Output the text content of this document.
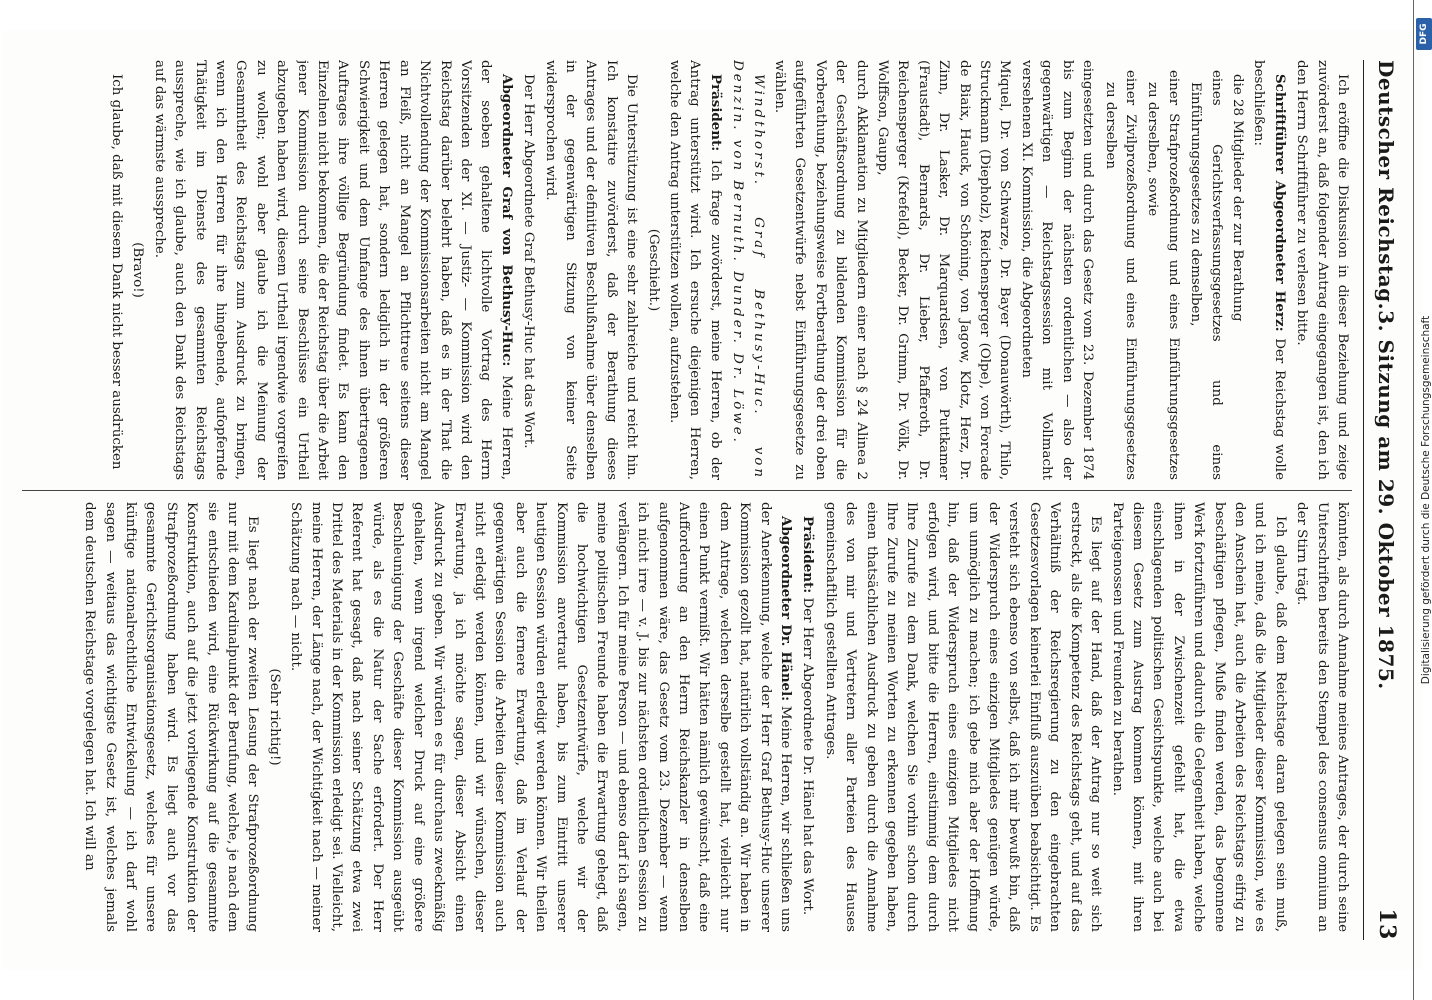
Deutscher Reichstag.
3. Sitzung am 29. Oktober 1875.
13

Ich eröffne die Diskussion in dieser Beziehung und zeige zuvörderst an, daß folgender Antrag eingegangen ist, den ich den Herrn Schriftführer zu verlesen bitte.

Schriftführer Abgeordneter Herz: Der Reichstag wolle beschließen:

die 28 Mitglieder der zur Berathung

eines Gerichtsverfassungsgesetzes und eines Einführungsgesetzes zu demselben,

einer Strafprozeßordnung und eines Einführungsgesetzes zu derselben, sowie

einer Zivilprozeßordnung und eines Einführungsgesetzes zu derselben

eingesetzten und durch das Gesetz vom 23. Dezember 1874 bis zum Beginn der nächsten ordentlichen — also der gegenwärtigen — Reichstagssession mit Vollmacht versehenen XI. Kommission, die Abgeordneten

Miquel, Dr. von Schwarze, Dr. Bayer (Donauwörth), Thilo, Struckmann (Diepholz), Reichensperger (Olpe), von Forcade de Biaix, Hauck, von Schöning, von Jagow, Klotz, Herz, Dr. Zinn, Dr. Lasker, Dr. Marquardsen, von Puttkamer (Fraustadt), Bernards, Dr. Lieber, Pfafferoth, Dr. Reichensperger (Krefeld), Becker, Dr. Grimm, Dr. Völk, Dr. Wolffson, Gaupp,

durch Akklamation zu Mitgliedern einer nach § 24 Alinea 2 der Geschäftsordnung zu bildenden Kommission für die Vorberathung, beziehungsweise Fortberathung der drei oben aufgeführten Gesetzentwürfe nebst Einführungsgesetze zu wählen.

Windthorst. Graf Bethusy-Huc. von Denzin. von Bernuth. Dunder. Dr. Löwe.

Präsident: Ich frage zuvörderst, meine Herren, ob der Antrag unterstützt wird. Ich ersuche diejenigen Herren, welche den Antrag unterstützen wollen, aufzustehen.

(Geschieht.)

Die Unterstützung ist eine sehr zahlreiche und reicht hin. Ich konstatire zuvörderst, daß der Berathung dieses Antrages und der definitiven Beschlußnahme über denselben in der gegenwärtigen Sitzung von keiner Seite widersprochen wird.

Der Herr Abgeordnete Graf Bethusy-Huc hat das Wort.

Abgeordneter Graf von Bethusy-Huc: Meine Herren, der soeben gehaltene lichtvolle Vortrag des Herrn Vorsitzenden der XI. — Justiz- — Kommission wird den Reichstag darüber belehrt haben, daß es in der That die Nichtvollendung der Kommissionsarbeiten nicht am Mangel an Fleiß, nicht an Mangel an Pflichttreue seitens dieser Herren gelegen hat, sondern lediglich in der größeren Schwierigkeit und dem Umfange des ihnen übertragenen Auftrages ihre völlige Begründung findet. Es kann den Einzelnen nicht bekommen, die der Reichstag über die Arbeit jener Kommission durch seine Beschlüsse ein Urtheil abzugeben haben wird, diesem Urtheil irgendwie vorgreifen zu wollen; wohl aber glaube ich die Meinung der Gesammtheit des Reichstags zum Ausdruck zu bringen, wenn ich den Herren für ihre hingebende, aufopfernde Thätigkeit im Dienste des gesammten Reichstags ausspreche, wie ich glaube, auch den Dank des Reichstags auf das wärmste ausspreche.

(Bravo!)

Ich glaube, daß mit diesem Dank nicht besser ausdrücken

könnten, als durch Annahme meines Antrages, der durch seine Unterschriften bereits den Stempel des consensus omnium an der Stirn trägt.

Ich glaube, daß dem Reichstage daran gelegen sein muß, und ich meine, daß die Mitglieder dieser Kommission, wie es den Anschein hat, auch die Arbeiten des Reichstags eifrig zu beschäftigen pflegen, Muße finden werden, das begonnene Werk fortzuführen und dadurch die Gelegenheit haben, welche ihnen in der Zwischenzeit gefehlt hat, die etwa einschlagenden politischen Gesichtspunkte, welche auch bei diesem Gesetz zum Austrag kommen können, mit ihren Parteigenossen und Freunden zu berathen.

Es liegt auf der Hand, daß der Antrag nur so weit sich erstreckt, als die Kompetenz des Reichstags geht, und auf das Verhältniß der Reichsregierung zu den eingebrachten Gesetzesvorlagen keinerlei Einfluß auszuüben beabsichtigt. Es versteht sich ebenso von selbst, daß ich mir bewußt bin, daß der Widerspruch eines einzigen Mitgliedes genügen würde, um unmöglich zu machen; ich gebe mich aber der Hoffnung hin, daß der Widerspruch eines einzigen Mitgliedes nicht erfolgen wird, und bitte die Herren, einstimmig dem durch Ihre Zurufe zu dem Dank, welchen Sie vorhin schon durch Ihre Zurufe zu meinen Worten zu erkennen gegeben haben, einen thatsächlichen Ausdruck zu geben durch die Annahme des von mir und Vertretern aller Parteien des Hauses gemeinschaftlich gestellten Antrages.

Präsident: Der Herr Abgeordnete Dr. Hänel hat das Wort.

Abgeordneter Dr. Hänel: Meine Herren, wir schließen uns der Anerkennung, welche der Herr Graf Bethusy-Huc unserer Kommission gezollt hat, natürlich vollständig an. Wir haben in dem Antrage, welchen derselbe gestellt hat, vielleicht nur einen Punkt vermißt. Wir hätten nämlich gewünscht, daß eine Aufforderung an den Herrn Reichskanzler in denselben aufgenommen wäre, das Gesetz vom 23. Dezember — wenn ich nicht irre — v. J. bis zur nächsten ordentlichen Session zu verlängern. Ich für meine Person — und ebenso darf ich sagen, meine politischen Freunde haben die Erwartung gehegt, daß die hochwichtigen Gesetzentwürfe, welche wir der Kommission anvertraut haben, bis zum Eintritt unserer heutigen Session würden erledigt werden können. Wir theilen aber auch die fernere Erwartung, daß im Verlauf der gegenwärtigen Session die Arbeiten dieser Kommission auch nicht erledigt werden können, und wir wünschen, dieser Erwartung, ja ich möchte sagen, dieser Absicht einen Ausdruck zu geben. Wir würden es für durchaus zweckmäßig gehalten, wenn irgend welcher Druck auf eine größere Beschleunigung der Geschäfte dieser Kommission ausgeübt würde, als es die Natur der Sache erfordert. Der Herr Referent hat gesagt, daß nach seiner Schätzung etwa zwei Drittel des Materials in der Kommission erledigt sei. Vielleicht, meine Herren, der Länge nach, der Wichtigkeit nach — meiner Schätzung nach — nicht.

(Sehr richtig!)

Es liegt nach der zweiten Lesung der Strafprozeßordnung nur mit dem Kardinalpunkt der Berufung, welche, je nach dem sie entschieden wird, eine Rückwirkung auf die gesammte Konstruktion, auch auf die jetzt vorliegende Konstruktion der Strafprozeßordnung haben wird. Es liegt auch vor das gesammte Gerichtsorganisationsgesetz, welches für unsere künftige nationalrechtliche Entwickelung — ich darf wohl sagen — weitaus das wichtigste Gesetz ist, welches jemals dem deutschen Reichstage vorgelegen hat. Ich will an

DFG
Digitalisierung gefördert durch die Deutsche Forschungsgemeinschaft
